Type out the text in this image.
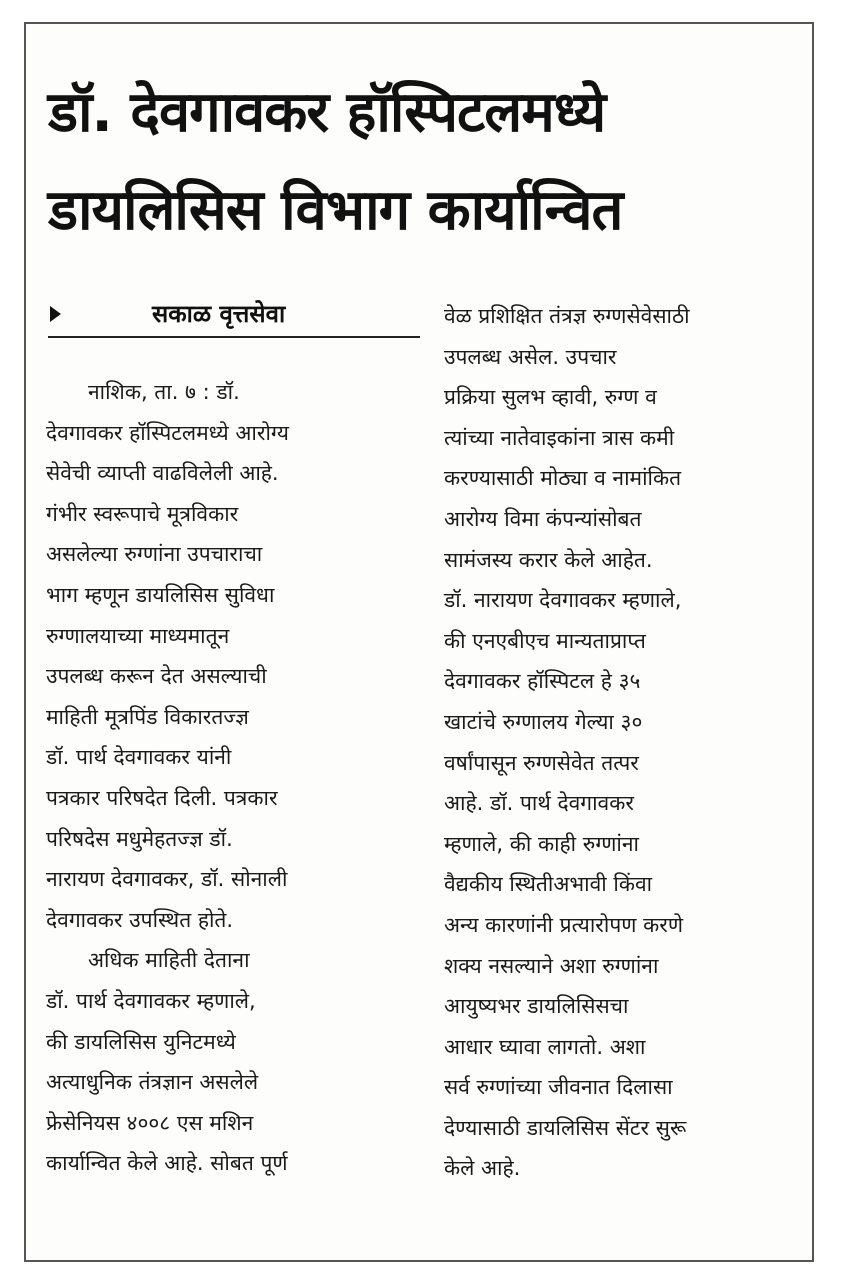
डॉ. देवगावकर हॉस्पिटलमध्ये
डायलिसिस विभाग कार्यान्वित
सकाळ वृत्तसेवा
नाशिक, ता. ७ : डॉ.
देवगावकर हॉस्पिटलमध्ये आरोग्य
सेवेची व्याप्ती वाढविलेली आहे.
गंभीर स्वरूपाचे मूत्रविकार
असलेल्या रुग्णांना उपचाराचा
भाग म्हणून डायलिसिस सुविधा
रुग्णालयाच्या माध्यमातून
उपलब्ध करून देत असल्याची
माहिती मूत्रपिंड विकारतज्ज्ञ
डॉ. पार्थ देवगावकर यांनी
पत्रकार परिषदेत दिली. पत्रकार
परिषदेस मधुमेहतज्ज्ञ डॉ.
नारायण देवगावकर, डॉ. सोनाली
देवगावकर उपस्थित होते.
अधिक माहिती देताना
डॉ. पार्थ देवगावकर म्हणाले,
की डायलिसिस युनिटमध्ये
अत्याधुनिक तंत्रज्ञान असलेले
फ्रेसेनियस ४००८ एस मशिन
कार्यान्वित केले आहे. सोबत पूर्ण
वेळ प्रशिक्षित तंत्रज्ञ रुग्णसेवेसाठी
उपलब्ध असेल. उपचार
प्रक्रिया सुलभ व्हावी, रुग्ण व
त्यांच्या नातेवाइकांना त्रास कमी
करण्यासाठी मोठ्या व नामांकित
आरोग्य विमा कंपन्यांसोबत
सामंजस्य करार केले आहेत.
डॉ. नारायण देवगावकर म्हणाले,
की एनएबीएच मान्यताप्राप्त
देवगावकर हॉस्पिटल हे ३५
खाटांचे रुग्णालय गेल्या ३०
वर्षांपासून रुग्णसेवेत तत्पर
आहे. डॉ. पार्थ देवगावकर
म्हणाले, की काही रुग्णांना
वैद्यकीय स्थितीअभावी किंवा
अन्य कारणांनी प्रत्यारोपण करणे
शक्य नसल्याने अशा रुग्णांना
आयुष्यभर डायलिसिसचा
आधार घ्यावा लागतो. अशा
सर्व रुग्णांच्या जीवनात दिलासा
देण्यासाठी डायलिसिस सेंटर सुरू
केले आहे.
